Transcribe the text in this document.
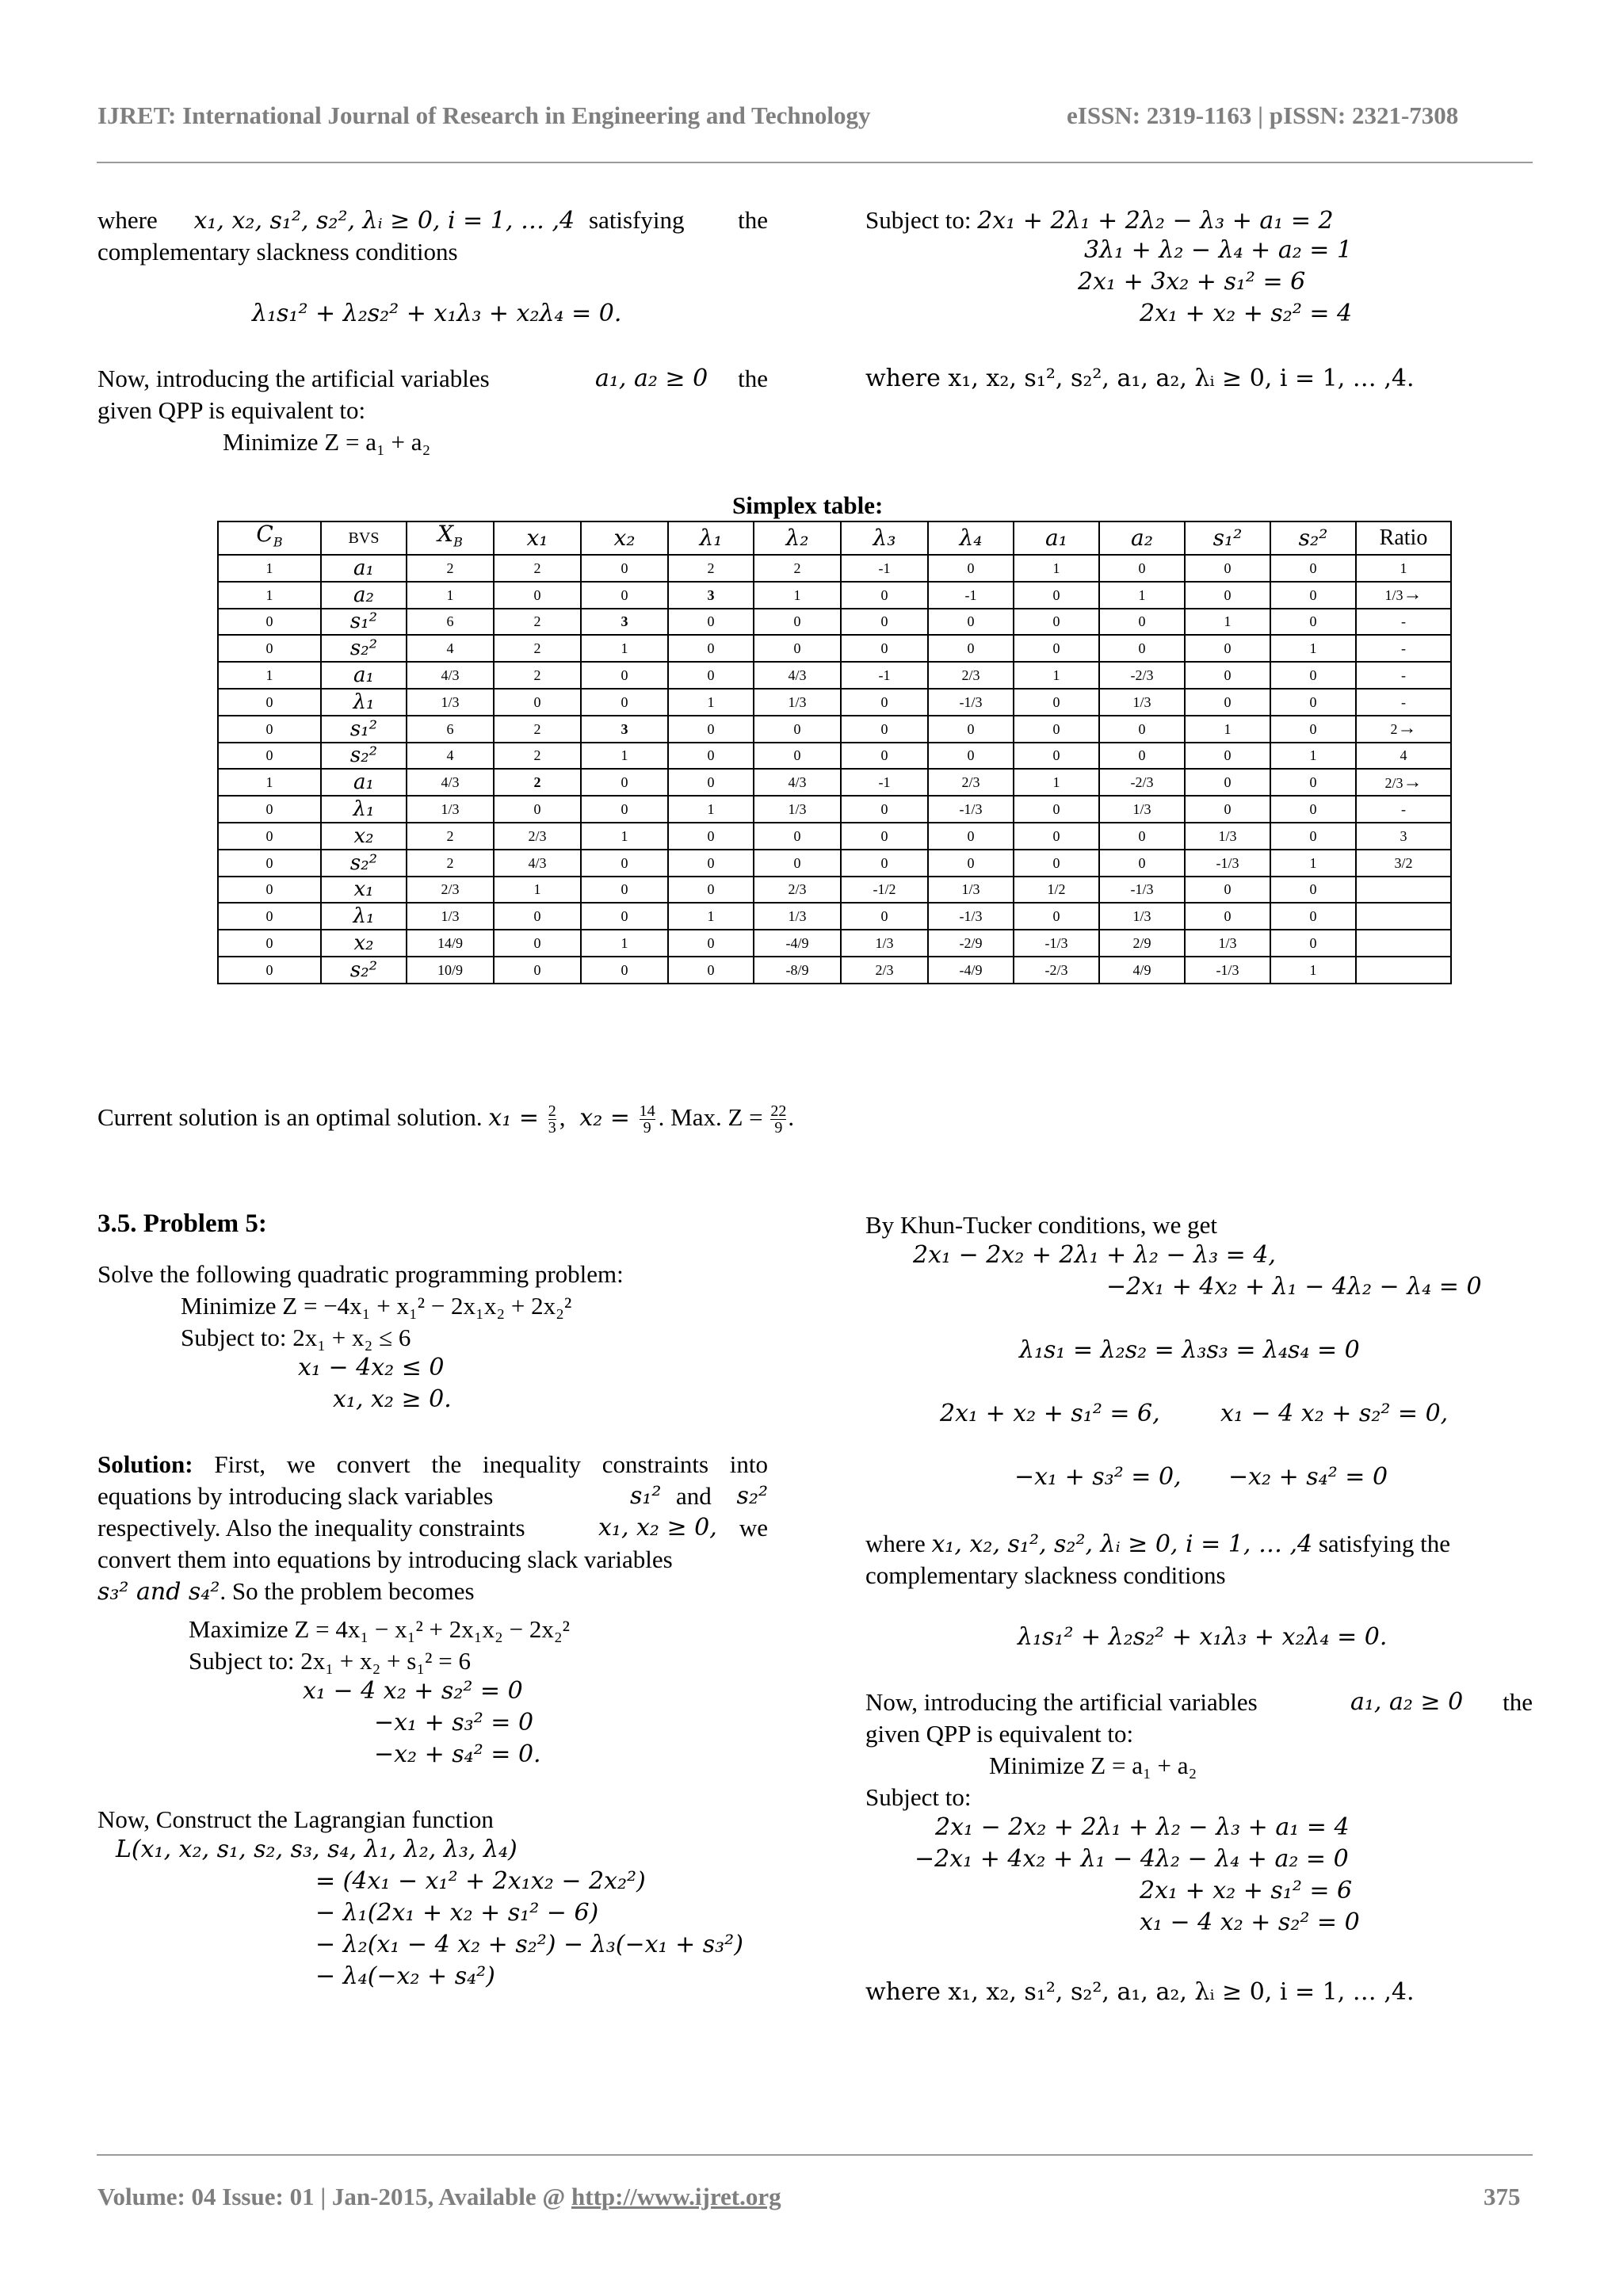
IJRET: International Journal of Research in Engineering and Technology	eISSN: 2319-1163 | pISSN: 2321-7308
where x₁, x₂, s₁², s₂², λᵢ ≥ 0, i = 1, … ,4 satisfying the
complementary slackness conditions
λ₁s₁² + λ₂s₂² + x₁λ₃ + x₂λ₄ = 0.
Now, introducing the artificial variables	a₁, a₂ ≥ 0 the
given QPP is equivalent to:
Minimize Z = a₁ + a₂
Subject to: 2x₁ + 2λ₁ + 2λ₂ − λ₃ + a₁ = 2
3λ₁ + λ₂ − λ₄ + a₂ = 1
2x₁ + 3x₂ + s₁² = 6
2x₁ + x₂ + s₂² = 4
where x₁, x₂, s₁², s₂², a₁, a₂, λᵢ ≥ 0, i = 1, … ,4.
Simplex table:
𝐶$_B$	BVS	𝑋$_B$	x₁	x₂	λ₁	λ₂	λ₃	λ₄	a₁	a₂	s₁²	s₂²	Ratio
1	a₁	2	2	0	2	2	-1	0	1	0	0	0	1
1	a₂	1	0	0	3	1	0	-1	0	1	0	0	1/3→
0	s₁²	6	2	3	0	0	0	0	0	0	1	0	-
0	s₂²	4	2	1	0	0	0	0	0	0	0	1	-
1	a₁	4/3	2	0	0	4/3	-1	2/3	1	-2/3	0	0	-
0	λ₁	1/3	0	0	1	1/3	0	-1/3	0	1/3	0	0	-
0	s₁²	6	2	3	0	0	0	0	0	0	1	0	2→
0	s₂²	4	2	1	0	0	0	0	0	0	0	1	4
1	a₁	4/3	2	0	0	4/3	-1	2/3	1	-2/3	0	0	2/3→
0	λ₁	1/3	0	0	1	1/3	0	-1/3	0	1/3	0	0	-
0	x₂	2	2/3	1	0	0	0	0	0	0	1/3	0	3
0	s₂²	2	4/3	0	0	0	0	0	0	0	-1/3	1	3/2
0	x₁	2/3	1	0	0	2/3	-1/2	1/3	1/2	-1/3	0	0	
0	λ₁	1/3	0	0	1	1/3	0	-1/3	0	1/3	0	0	
0	x₂	14/9	0	1	0	-4/9	1/3	-2/9	-1/3	2/9	1/3	0	
0	s₂²	10/9	0	0	0	-8/9	2/3	-4/9	-2/3	4/9	-1/3	1	
Current solution is an optimal solution. $x_1 = \frac{2}{3}$ , $x_2 = \frac{14}{9}$ . Max. $Z = \frac{22}{9}$ .
3.5. Problem 5:
Solve the following quadratic programming problem:
Minimize Z = −4x₁ + x₁² − 2x₁x₂ + 2x₂²
Subject to: 2x₁ + x₂ ≤ 6
x₁ − 4x₂ ≤ 0
x₁, x₂ ≥ 0.
Solution: First, we convert the inequality constraints into
equations by introducing slack variables	s₁² and s₂²
respectively. Also the inequality constraints	x₁, x₂ ≥ 0, we
convert them into equations by introducing slack variables
s₃² and s₄². So the problem becomes
Maximize Z = 4x₁ − x₁² + 2x₁x₂ − 2x₂²
Subject to: 2x₁ + x₂ + s₁² = 6
x₁ − 4 x₂ + s₂² = 0
−x₁ + s₃² = 0
−x₂ + s₄² = 0.
Now, Construct the Lagrangian function
L(x₁, x₂, s₁, s₂, s₃, s₄, λ₁, λ₂, λ₃, λ₄)
= (4x₁ − x₁² + 2x₁x₂ − 2x₂²)
− λ₁(2x₁ + x₂ + s₁² − 6)
− λ₂(x₁ − 4 x₂ + s₂²) − λ₃(−x₁ + s₃²)
− λ₄(−x₂ + s₄²)
By Khun-Tucker conditions, we get
2x₁ − 2x₂ + 2λ₁ + λ₂ − λ₃ = 4,
−2x₁ + 4x₂ + λ₁ − 4λ₂ − λ₄ = 0
λ₁s₁ = λ₂s₂ = λ₃s₃ = λ₄s₄ = 0
2x₁ + x₂ + s₁² = 6,	x₁ − 4 x₂ + s₂² = 0,
−x₁ + s₃² = 0, −x₂ + s₄² = 0
where x₁, x₂, s₁², s₂², λᵢ ≥ 0, i = 1, … ,4 satisfying the
complementary slackness conditions
λ₁s₁² + λ₂s₂² + x₁λ₃ + x₂λ₄ = 0.
Now, introducing the artificial variables	a₁, a₂ ≥ 0 the
given QPP is equivalent to:
Minimize Z = a₁ + a₂
Subject to:
2x₁ − 2x₂ + 2λ₁ + λ₂ − λ₃ + a₁ = 4
−2x₁ + 4x₂ + λ₁ − 4λ₂ − λ₄ + a₂ = 0
2x₁ + x₂ + s₁² = 6
x₁ − 4 x₂ + s₂² = 0
where x₁, x₂, s₁², s₂², a₁, a₂, λᵢ ≥ 0, i = 1, … ,4.
Volume: 04 Issue: 01 | Jan-2015, Available @ http://www.ijret.org	375
